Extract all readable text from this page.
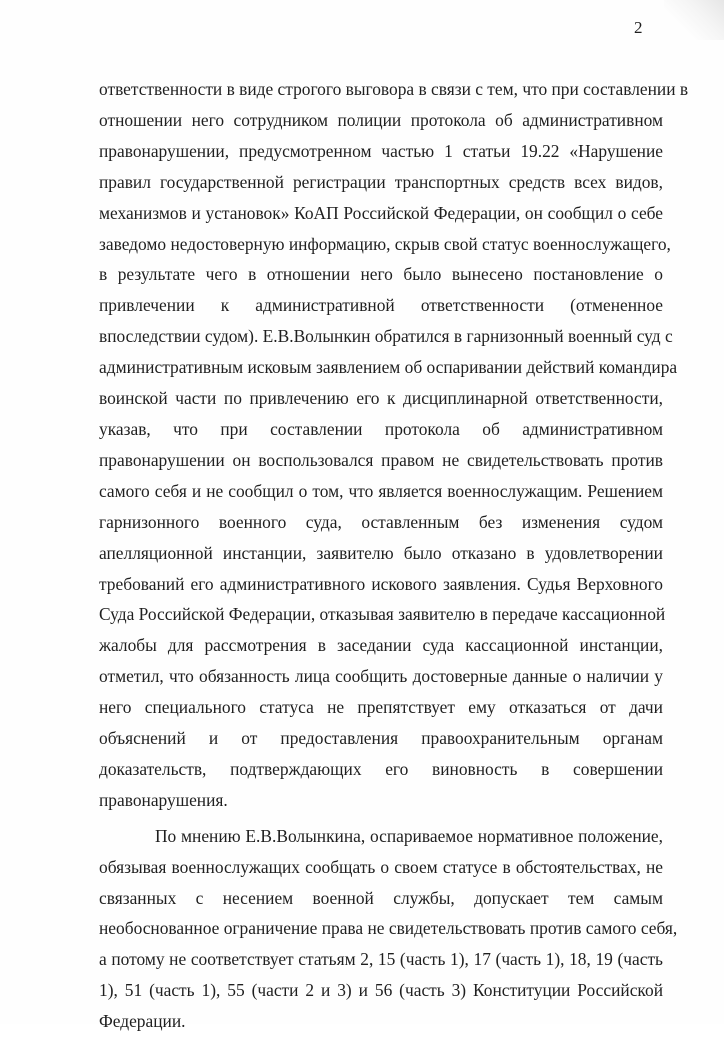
2

ответственности в виде строгого выговора в связи с тем, что при составлении в
отношении него сотрудником полиции протокола об административном
правонарушении, предусмотренном частью 1 статьи 19.22 «Нарушение
правил государственной регистрации транспортных средств всех видов,
механизмов и установок» КоАП Российской Федерации, он сообщил о себе
заведомо недостоверную информацию, скрыв свой статус военнослужащего,
в результате чего в отношении него было вынесено постановление о
привлечении к административной ответственности (отмененное
впоследствии судом). Е.В.Волынкин обратился в гарнизонный военный суд с
административным исковым заявлением об оспаривании действий командира
воинской части по привлечению его к дисциплинарной ответственности,
указав, что при составлении протокола об административном
правонарушении он воспользовался правом не свидетельствовать против
самого себя и не сообщил о том, что является военнослужащим. Решением
гарнизонного военного суда, оставленным без изменения судом
апелляционной инстанции, заявителю было отказано в удовлетворении
требований его административного искового заявления. Судья Верховного
Суда Российской Федерации, отказывая заявителю в передаче кассационной
жалобы для рассмотрения в заседании суда кассационной инстанции,
отметил, что обязанность лица сообщить достоверные данные о наличии у
него специального статуса не препятствует ему отказаться от дачи
объяснений и от предоставления правоохранительным органам
доказательств, подтверждающих его виновность в совершении
правонарушения.

По мнению Е.В.Волынкина, оспариваемое нормативное положение,
обязывая военнослужащих сообщать о своем статусе в обстоятельствах, не
связанных с несением военной службы, допускает тем самым
необоснованное ограничение права не свидетельствовать против самого себя,
а потому не соответствует статьям 2, 15 (часть 1), 17 (часть 1), 18, 19 (часть
1), 51 (часть 1), 55 (части 2 и 3) и 56 (часть 3) Конституции Российской
Федерации.
